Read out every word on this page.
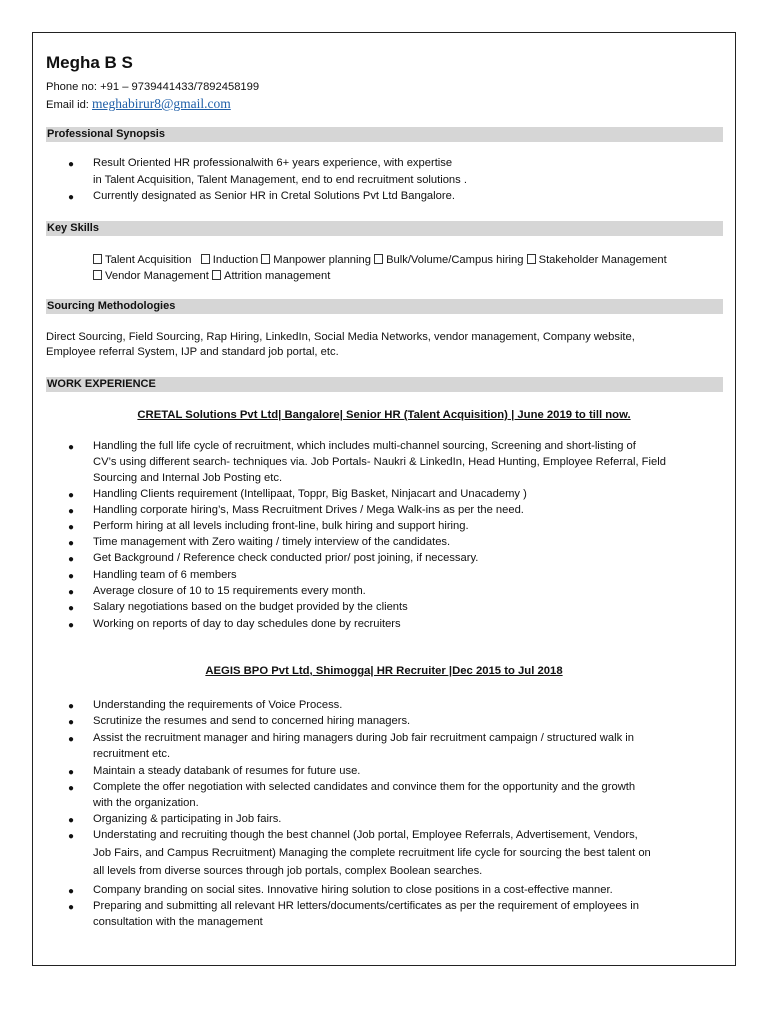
Megha B S
Phone no: +91 – 9739441433/7892458199
Email id: meghabirur8@gmail.com
Professional Synopsis
● Result Oriented HR professionalwith 6+ years experience, with expertise
in Talent Acquisition, Talent Management, end to end recruitment solutions .
● Currently designated as Senior HR in Cretal Solutions Pvt Ltd Bangalore.
Key Skills
Talent Acquisition Induction Manpower planning Bulk/Volume/Campus hiring Stakeholder Management Vendor Management Attrition management
Sourcing Methodologies
Direct Sourcing, Field Sourcing, Rap Hiring, LinkedIn, Social Media Networks, vendor management, Company website,
Employee referral System, IJP and standard job portal, etc.
WORK EXPERIENCE
CRETAL Solutions Pvt Ltd| Bangalore| Senior HR (Talent Acquisition) | June 2019 to till now.
● Handling the full life cycle of recruitment, which includes multi-channel sourcing, Screening and short-listing of
CV’s using different search- techniques via. Job Portals- Naukri & LinkedIn, Head Hunting, Employee Referral, Field
Sourcing and Internal Job Posting etc.
● Handling Clients requirement (Intellipaat, Toppr, Big Basket, Ninjacart and Unacademy )
● Handling corporate hiring’s, Mass Recruitment Drives / Mega Walk-ins as per the need.
● Perform hiring at all levels including front-line, bulk hiring and support hiring.
● Time management with Zero waiting / timely interview of the candidates.
● Get Background / Reference check conducted prior/ post joining, if necessary.
● Handling team of 6 members
● Average closure of 10 to 15 requirements every month.
● Salary negotiations based on the budget provided by the clients
● Working on reports of day to day schedules done by recruiters
AEGIS BPO Pvt Ltd, Shimogga| HR Recruiter |Dec 2015 to Jul 2018
● Understanding the requirements of Voice Process.
● Scrutinize the resumes and send to concerned hiring managers.
● Assist the recruitment manager and hiring managers during Job fair recruitment campaign / structured walk in
recruitment etc.
● Maintain a steady databank of resumes for future use.
● Complete the offer negotiation with selected candidates and convince them for the opportunity and the growth
with the organization.
● Organizing & participating in Job fairs.
● Understating and recruiting though the best channel (Job portal, Employee Referrals, Advertisement, Vendors,
Job Fairs, and Campus Recruitment) Managing the complete recruitment life cycle for sourcing the best talent on
all levels from diverse sources through job portals, complex Boolean searches.
● Company branding on social sites. Innovative hiring solution to close positions in a cost-effective manner.
● Preparing and submitting all relevant HR letters/documents/certificates as per the requirement of employees in
consultation with the management
